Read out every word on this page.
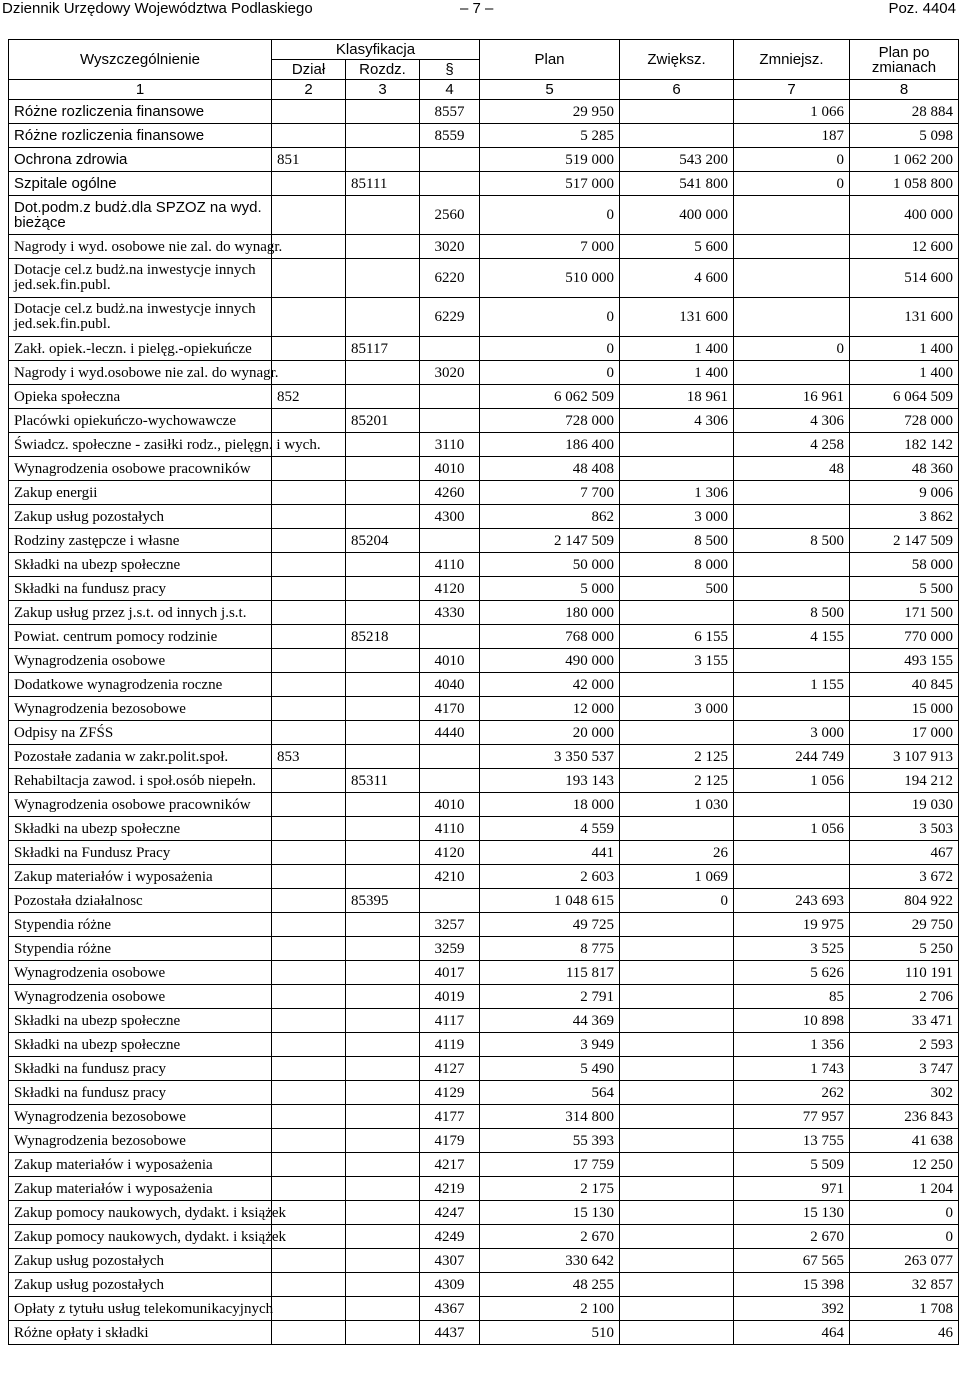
Dziennik Urzędowy Województwa Podlaskiego	– 7 –	Poz. 4404
Wyszczególnienie	Klasyfikacja			Plan	Zwiększ.	Zmniejsz.	Plan po zmianach
	Dział	Rozdz.	§				
1	2	3	4	5	6	7	8
Różne rozliczenia finansowe			8557	29 950		1 066	28 884
Różne rozliczenia finansowe			8559	5 285		187	5 098
Ochrona zdrowia	851			519 000	543 200	0	1 062 200
Szpitale ogólne		85111		517 000	541 800	0	1 058 800
Dot.podm.z budż.dla SPZOZ na wyd. bieżące			2560	0	400 000		400 000
Nagrody i wyd. osobowe nie zal. do wynagr.			3020	7 000	5 600		12 600
Dotacje cel.z budż.na inwestycje innych jed.sek.fin.publ.			6220	510 000	4 600		514 600
Dotacje cel.z budż.na inwestycje innych jed.sek.fin.publ.			6229	0	131 600		131 600
Zakł. opiek.-leczn. i pielęg.-opiekuńcze		85117		0	1 400	0	1 400
Nagrody i wyd.osobowe nie zal. do wynagr.			3020	0	1 400		1 400
Opieka społeczna	852			6 062 509	18 961	16 961	6 064 509
Placówki opiekuńczo-wychowawcze		85201		728 000	4 306	4 306	728 000
Świadcz. społeczne - zasiłki rodz., pielęgn. i wych.			3110	186 400		4 258	182 142
Wynagrodzenia osobowe pracowników			4010	48 408		48	48 360
Zakup energii			4260	7 700	1 306		9 006
Zakup usług pozostałych			4300	862	3 000		3 862
Rodziny zastępcze i własne		85204		2 147 509	8 500	8 500	2 147 509
Składki na ubezp społeczne			4110	50 000	8 000		58 000
Składki na fundusz pracy			4120	5 000	500		5 500
Zakup usług przez j.s.t. od innych j.s.t.			4330	180 000		8 500	171 500
Powiat. centrum pomocy rodzinie		85218		768 000	6 155	4 155	770 000
Wynagrodzenia osobowe			4010	490 000	3 155		493 155
Dodatkowe wynagrodzenia roczne			4040	42 000		1 155	40 845
Wynagrodzenia bezosobowe			4170	12 000	3 000		15 000
Odpisy na ZFŚS			4440	20 000		3 000	17 000
Pozostałe zadania w zakr.polit.społ.	853			3 350 537	2 125	244 749	3 107 913
Rehabiltacja zawod. i społ.osób niepełn.		85311		193 143	2 125	1 056	194 212
Wynagrodzenia osobowe pracowników			4010	18 000	1 030		19 030
Składki na ubezp społeczne			4110	4 559		1 056	3 503
Składki na Fundusz Pracy			4120	441	26		467
Zakup materiałów i wyposażenia			4210	2 603	1 069		3 672
Pozostała działalnosc		85395		1 048 615	0	243 693	804 922
Stypendia różne			3257	49 725		19 975	29 750
Stypendia różne			3259	8 775		3 525	5 250
Wynagrodzenia osobowe			4017	115 817		5 626	110 191
Wynagrodzenia osobowe			4019	2 791		85	2 706
Składki na ubezp społeczne			4117	44 369		10 898	33 471
Składki na ubezp społeczne			4119	3 949		1 356	2 593
Składki na fundusz pracy			4127	5 490		1 743	3 747
Składki na fundusz pracy			4129	564		262	302
Wynagrodzenia bezosobowe			4177	314 800		77 957	236 843
Wynagrodzenia bezosobowe			4179	55 393		13 755	41 638
Zakup materiałów i wyposażenia			4217	17 759		5 509	12 250
Zakup materiałów i wyposażenia			4219	2 175		971	1 204
Zakup pomocy naukowych, dydakt. i książek			4247	15 130		15 130	0
Zakup pomocy naukowych, dydakt. i książek			4249	2 670		2 670	0
Zakup usług pozostałych			4307	330 642		67 565	263 077
Zakup usług pozostałych			4309	48 255		15 398	32 857
Opłaty z tytułu usług telekomunikacyjnych			4367	2 100		392	1 708
Różne opłaty i składki			4437	510		464	46
